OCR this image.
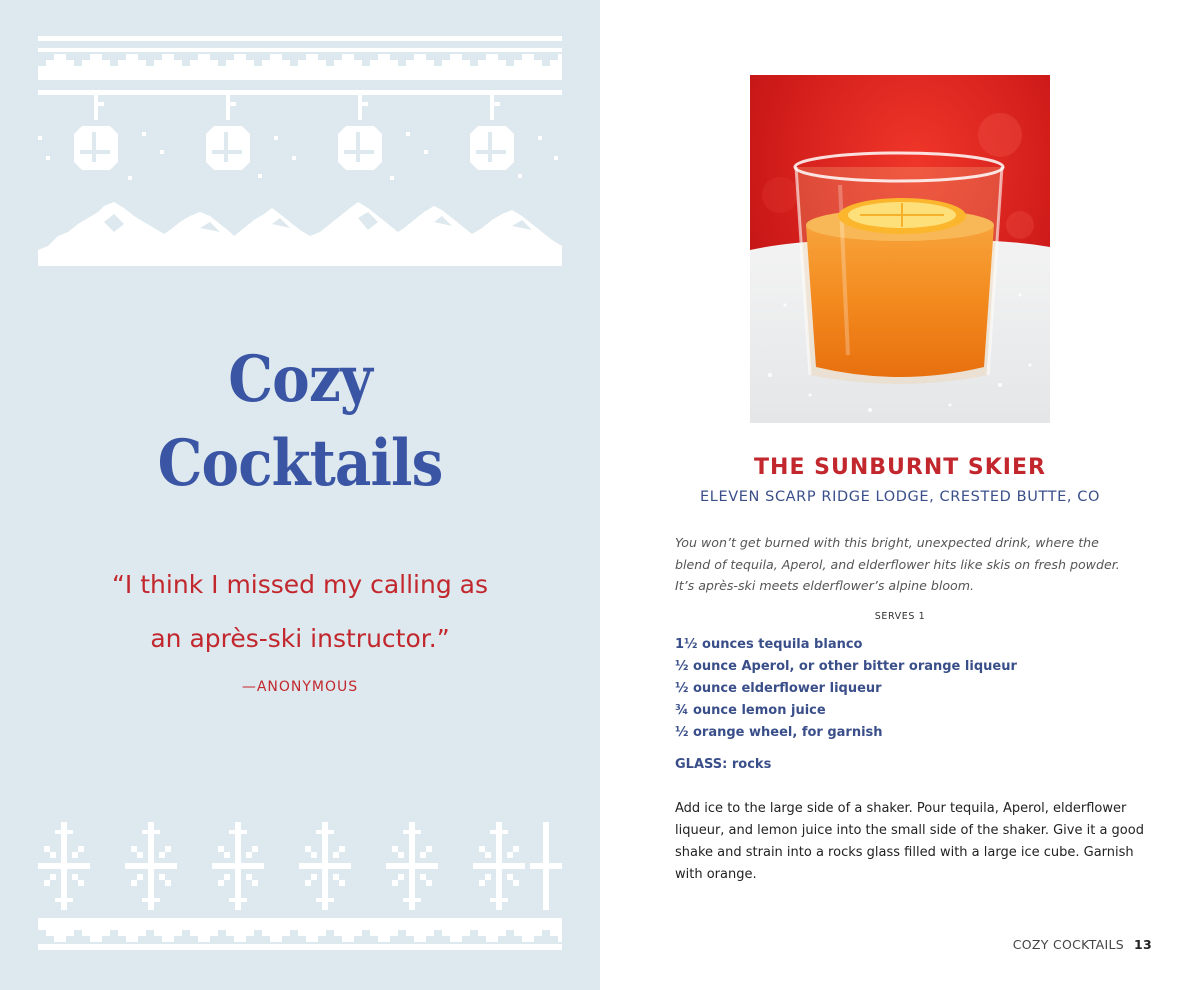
Cozy
Cocktails
“I think I missed my calling as
an après-ski instructor.”
—ANONYMOUS
THE SUNBURNT SKIER
ELEVEN SCARP RIDGE LODGE, CRESTED BUTTE, CO

You won’t get burned with this bright, unexpected drink, where the blend of tequila, Aperol, and elderflower hits like skis on fresh powder. It’s après-ski meets elderflower’s alpine bloom.

SERVES 1
1½ ounces tequila blanco
½ ounce Aperol, or other bitter orange liqueur
½ ounce elderflower liqueur
¾ ounce lemon juice
½ orange wheel, for garnish
GLASS: rocks

Add ice to the large side of a shaker. Pour tequila, Aperol, elderflower liqueur, and lemon juice into the small side of the shaker. Give it a good shake and strain into a rocks glass filled with a large ice cube. Garnish with orange.

COZY COCKTAILS 13
